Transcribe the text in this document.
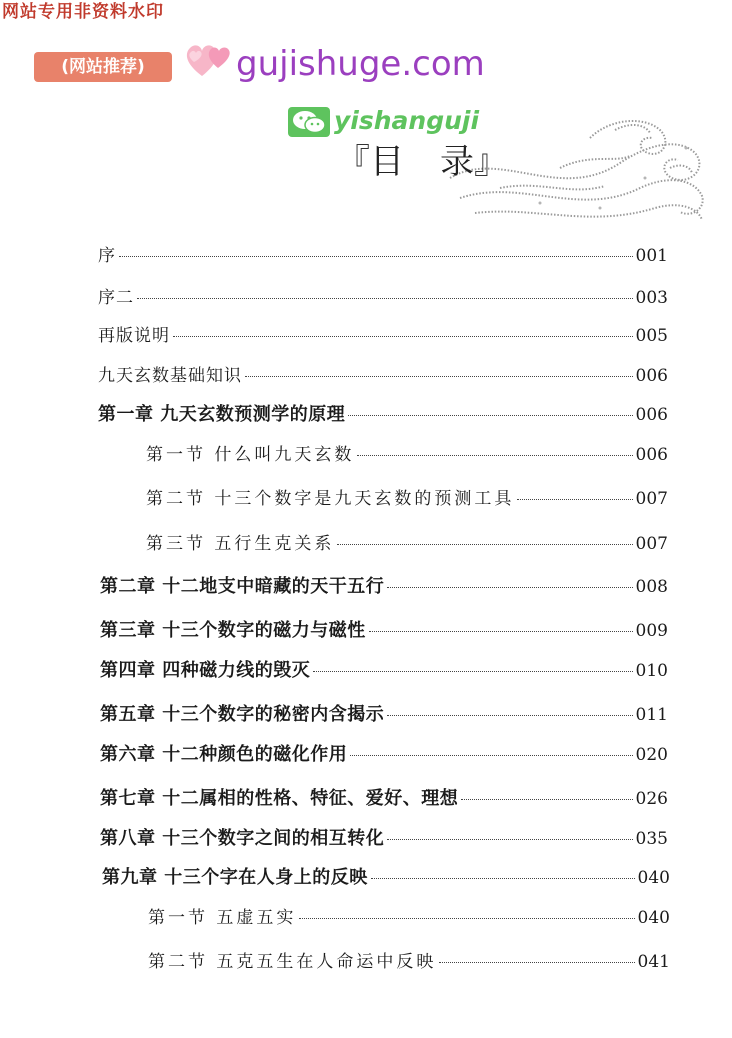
网站专用非资料水印
(网站推荐)	gujishuge.com
yishanguji
『目 录』
序	001
序二	003
再版说明	005
九天玄数基础知识	006
第一章 九天玄数预测学的原理	006
第一节 什么叫九天玄数	006
第二节 十三个数字是九天玄数的预测工具	007
第三节 五行生克关系	007
第二章 十二地支中暗藏的天干五行	008
第三章 十三个数字的磁力与磁性	009
第四章 四种磁力线的毁灭	010
第五章 十三个数字的秘密内含揭示	011
第六章 十二种颜色的磁化作用	020
第七章 十二属相的性格、特征、爱好、理想	026
第八章 十三个数字之间的相互转化	035
第九章 十三个字在人身上的反映	040
第一节 五虚五实	040
第二节 五克五生在人命运中反映	041
